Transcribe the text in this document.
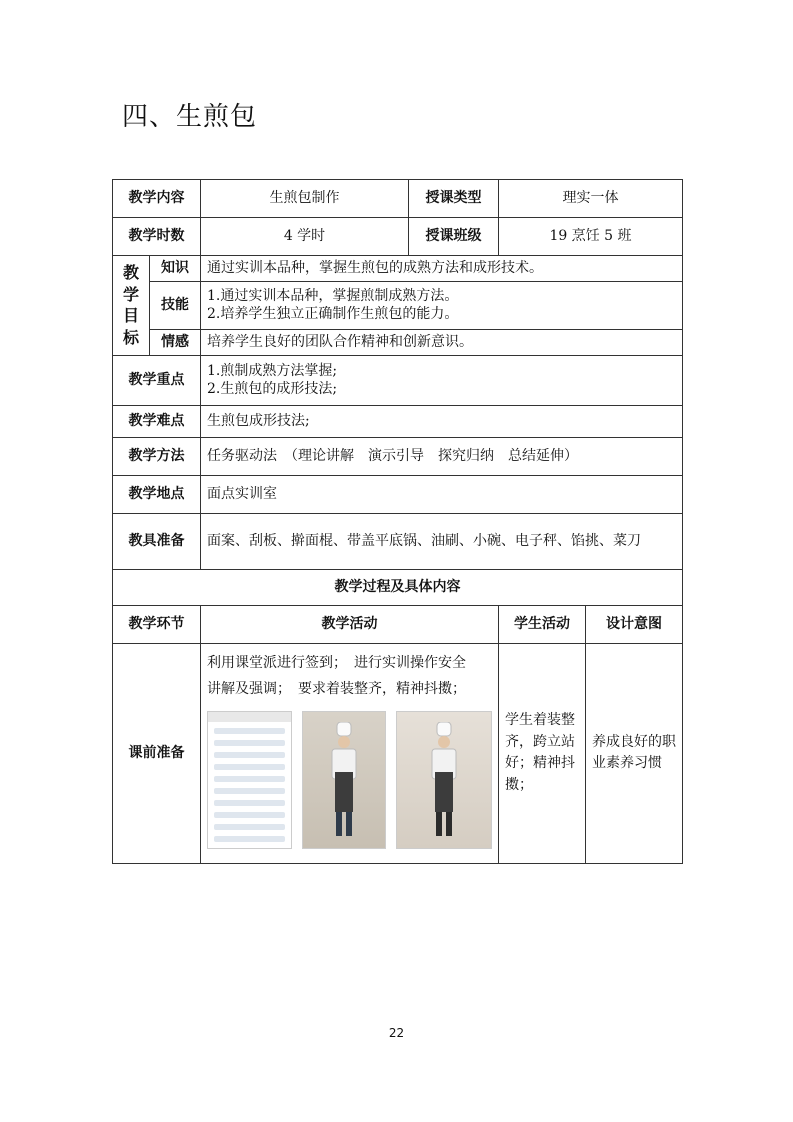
四、生煎包
教学内容		生煎包制作	授课类型	理实一体	
教学时数		4 学时	授课班级	19 烹饪 5 班	

教
学
目
标	知识	通过实训本品种，掌握生煎包的成熟方法和成形技术。			
	技能	1.通过实训本品种，掌握煎制成熟方法。

2.培养学生独立正确制作生煎包的能力。			

	情感	培养学生良好的团队合作精神和创新意识。			
教学重点		1.煎制成熟方法掌握;

2.生煎包的成形技法;			

教学难点		生煎包成形技法;			
教学方法		任务驱动法　（理论讲解　演示引导　探究归纳　总结延伸）			
教学地点		面点实训室			
教具准备		面案、刮板、擀面棍、带盖平底锅、油刷、小碗、电子秤、馅挑、菜刀			
教学过程及具体内容					
教学环节		教学活动		学生活动	设计意图
课前准备		利用课堂派进行签到；　进行实训操作安全

讲解及强调；　要求着装整齐，精神抖擞；		学生着装整齐，跨立站好；精神抖擞；	养成良好的职业素养习惯
22
